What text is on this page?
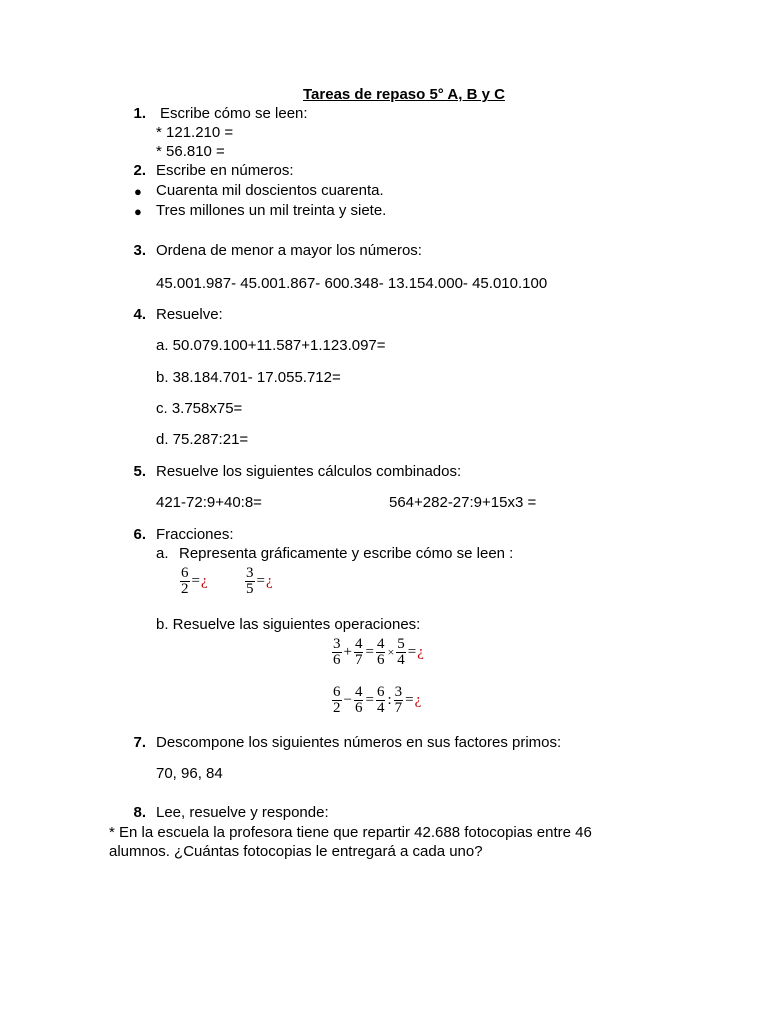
Tareas de repaso 5° A, B y C
1. Escribe cómo se leen:
* 121.210 =
* 56.810 =
2. Escribe en números:
● Cuarenta mil doscientos cuarenta.
● Tres millones un mil treinta y siete.
3. Ordena de menor a mayor los números:
45.001.987- 45.001.867- 600.348- 13.154.000- 45.010.100
4. Resuelve:
a. 50.079.100+11.587+1.123.097=
b. 38.184.701- 17.055.712=
c. 3.758x75=
d. 75.287:21=
5. Resuelve los siguientes cálculos combinados:
421-72:9+40:8=	564+282-27:9+15x3 =
6. Fracciones:
a. Representa gráficamente y escribe cómo se leen :
$\frac{6}{2}$ =¿ $\frac{3}{5}$ =¿
b. Resuelve las siguientes operaciones:
$\frac{3}{6} + \frac{4}{7} = \frac{4}{6} \times \frac{5}{4}$ =¿
$\frac{6}{2} - \frac{4}{6} = \frac{6}{4}$ : $\frac{3}{7}$ =¿
7. Descompone los siguientes números en sus factores primos:
70, 96, 84
8. Lee, resuelve y responde:
* En la escuela la profesora tiene que repartir 42.688 fotocopias entre 46
alumnos. ¿Cuántas fotocopias le entregará a cada uno?
